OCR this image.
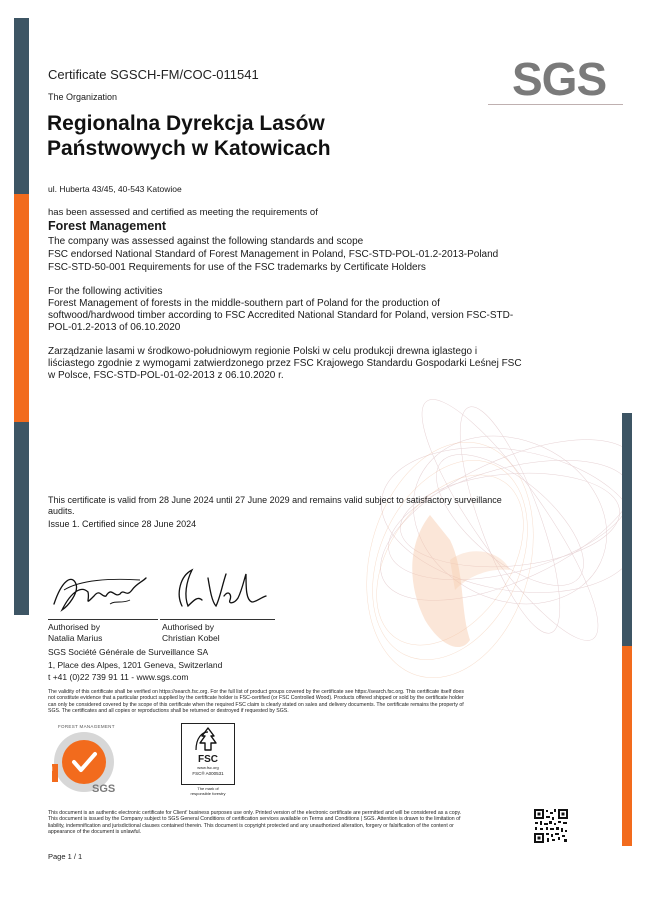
SGS
Certificate SGSCH-FM/COC-011541
The Organization
Regionalna Dyrekcja Lasów
Państwowych w Katowicach
ul. Huberta 43/45, 40-543 Katowioe
has been assessed and certified as meeting the requirements of
Forest Management
The company was assessed against the following standards and scope
FSC endorsed National Standard of Forest Management in Poland, FSC-STD-POL-01.2-2013-Poland
FSC-STD-50-001 Requirements for use of the FSC trademarks by Certificate Holders
For the following activities
Forest Management of forests in the middle-southern part of Poland for the production of
softwood/hardwood timber according to FSC Accredited National Standard for Poland, version FSC-STD-
POL-01.2-2013 of 06.10.2020
Zarządzanie lasami w środkowo-południowym regionie Polski w celu produkcji drewna iglastego i
liściastego zgodnie z wymogami zatwierdzonego przez FSC Krajowego Standardu Gospodarki Leśnej FSC
w Polsce, FSC-STD-POL-01-02-2013 z 06.10.2020 r.
This certificate is valid from 28 June 2024 until 27 June 2029 and remains valid subject to satisfactory surveillance
audits.
Issue 1. Certified since 28 June 2024
Authorised by
Natalia Marius
Authorised by
Christian Kobel
SGS Société Générale de Surveillance SA
1, Place des Alpes, 1201 Geneva, Switzerland
t +41 (0)22 739 91 11 - www.sgs.com
The validity of this certificate shall be verified on https://search.fsc.org. For the full list of product groups covered by the certificate see https://search.fsc.org. This certificate itself does
not constitute evidence that a particular product supplied by the certificate holder is FSC-certified (or FSC Controlled Wood). Products offered shipped or sold by the certificate holder
can only be considered covered by the scope of this certificate when the required FSC claim is clearly stated on sales and delivery documents. The certificate remains the property of
SGS. The certificates and all copies or reproductions shall be returned or destroyed if requested by SGS.
FOREST MANAGEMENT
FM
SGS
FSC
www.fsc.org
FSC® A000531
The mark of
responsible forestry
This document is an authentic electronic certificate for Client' business purposes use only. Printed version of the electronic certificate are permitted and will be considered as a copy.
This document is issued by the Company subject to SGS General Conditions of certification services available on Terms and Conditions | SGS. Attention is drawn to the limitation of
liability, indemnification and jurisdictional clauses contained therein. This document is copyright protected and any unauthorized alteration, forgery or falsification of the content or
appearance of the document is unlawful.
Page 1 / 1
